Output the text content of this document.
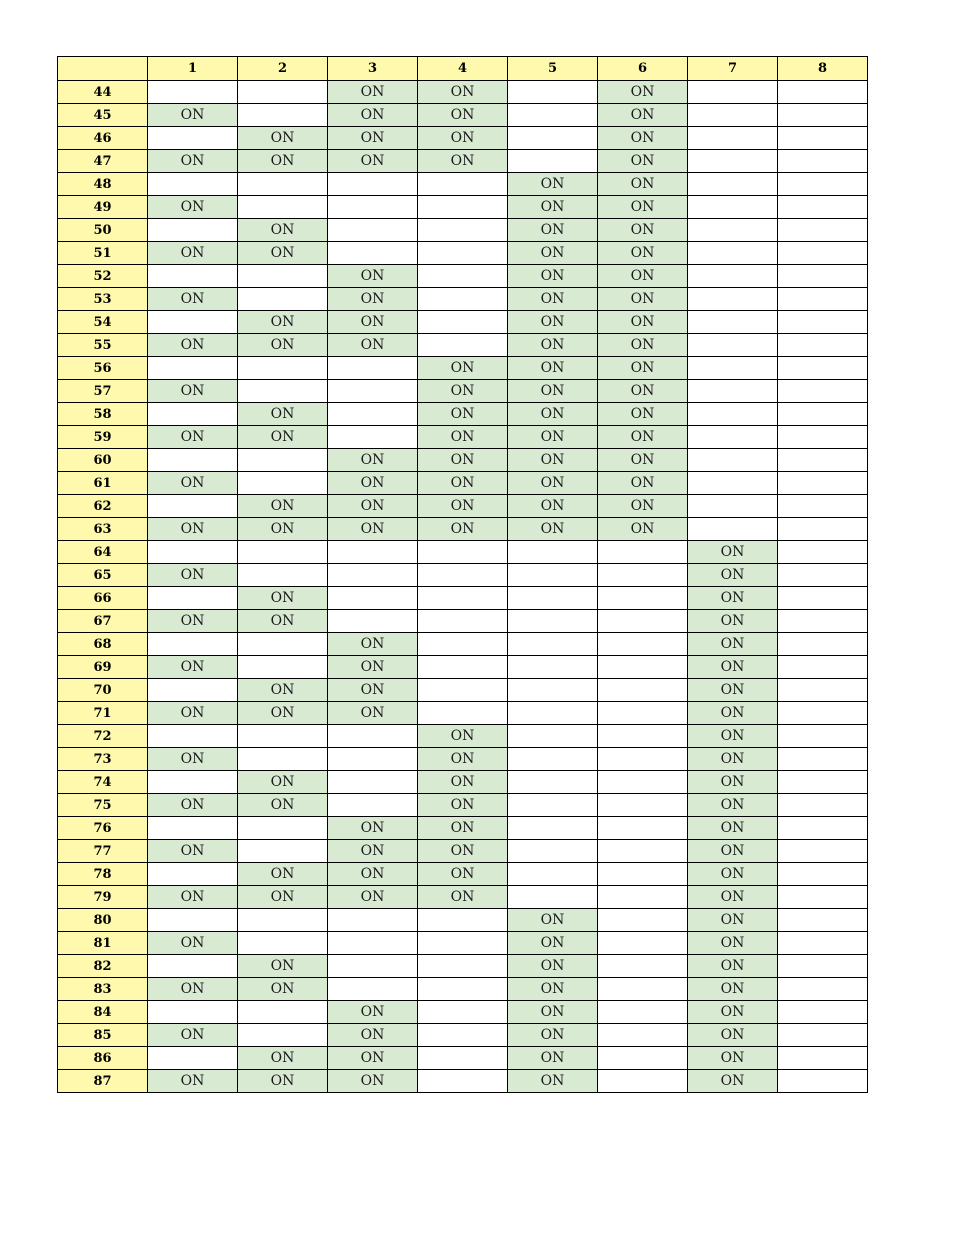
	1	2	3	4	5	6	7	8
44			ON	ON		ON		
45	ON		ON	ON		ON		
46		ON	ON	ON		ON		
47	ON	ON	ON	ON		ON		
48					ON	ON		
49	ON				ON	ON		
50		ON			ON	ON		
51	ON	ON			ON	ON		
52			ON		ON	ON		
53	ON		ON		ON	ON		
54		ON	ON		ON	ON		
55	ON	ON	ON		ON	ON		
56				ON	ON	ON		
57	ON			ON	ON	ON		
58		ON		ON	ON	ON		
59	ON	ON		ON	ON	ON		
60			ON	ON	ON	ON		
61	ON		ON	ON	ON	ON		
62		ON	ON	ON	ON	ON		
63	ON	ON	ON	ON	ON	ON		
64							ON	
65	ON						ON	
66		ON					ON	
67	ON	ON					ON	
68			ON				ON	
69	ON		ON				ON	
70		ON	ON				ON	
71	ON	ON	ON				ON	
72				ON			ON	
73	ON			ON			ON	
74		ON		ON			ON	
75	ON	ON		ON			ON	
76			ON	ON			ON	
77	ON		ON	ON			ON	
78		ON	ON	ON			ON	
79	ON	ON	ON	ON			ON	
80					ON		ON	
81	ON				ON		ON	
82		ON			ON		ON	
83	ON	ON			ON		ON	
84			ON		ON		ON	
85	ON		ON		ON		ON	
86		ON	ON		ON		ON	
87	ON	ON	ON		ON		ON	
